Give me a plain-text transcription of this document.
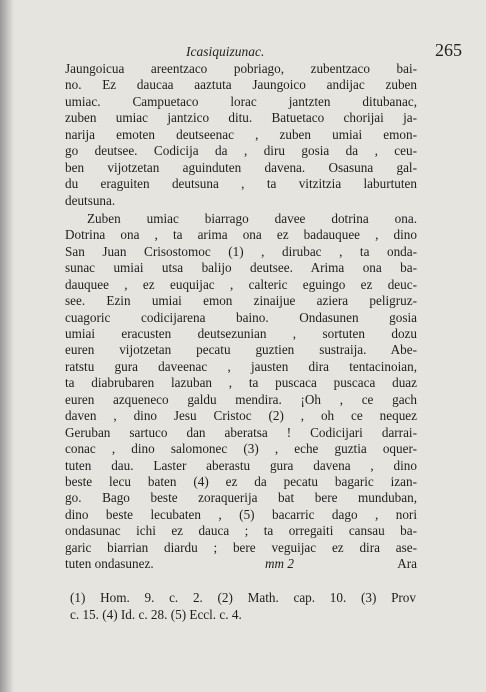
Icasiquizunac.	265
Jaungoicua areentzaco pobriago, zubentzaco bai-
no. Ez daucaa aaztuta Jaungoico andijac zuben
umiac. Campuetaco lorac jantzten ditubanac,
zuben umiac jantzico ditu. Batuetaco chorijai ja-
narija emoten deutseenac , zuben umiai emon-
go deutsee. Codicija da , diru gosia da , ceu-
ben vijotzetan aguinduten davena. Osasuna gal-
du eraguiten deutsuna , ta vitzitzia laburtuten
deutsuna.
Zuben umiac biarrago davee dotrina ona.
Dotrina ona , ta arima ona ez badauquee , dino
San Juan Crisostomoc (1) , dirubac , ta onda-
sunac umiai utsa balijo deutsee. Arima ona ba-
dauquee , ez euquijac , calteric eguingo ez deuc-
see. Ezin umiai emon zinaijue aziera peligruz-
cuagoric codicijarena baino. Ondasunen gosia
umiai eracusten deutsezunian , sortuten dozu
euren vijotzetan pecatu guztien sustraija. Abe-
ratstu gura daveenac , jausten dira tentacinoian,
ta diabrubaren lazuban , ta puscaca puscaca duaz
euren azqueneco galdu mendira. ¡Oh , ce gach
daven , dino Jesu Cristoc (2) , oh ce nequez
Geruban sartuco dan aberatsa ! Codicijari darrai-
conac , dino salomonec (3) , eche guztia oquer-
tuten dau. Laster aberastu gura davena , dino
beste lecu baten (4) ez da pecatu bagaric izan-
go. Bago beste zoraquerija bat bere munduban,
dino beste lecubaten , (5) bacarric dago , nori
ondasunac ichi ez dauca ; ta orregaiti cansau ba-
garic biarrian diardu ; bere veguijac ez dira ase-
tuten ondasunez.	mm 2	Ara
(1) Hom. 9. c. 2. (2) Math. cap. 10. (3) Prov
c. 15. (4) Id. c. 28. (5) Eccl. c. 4.
